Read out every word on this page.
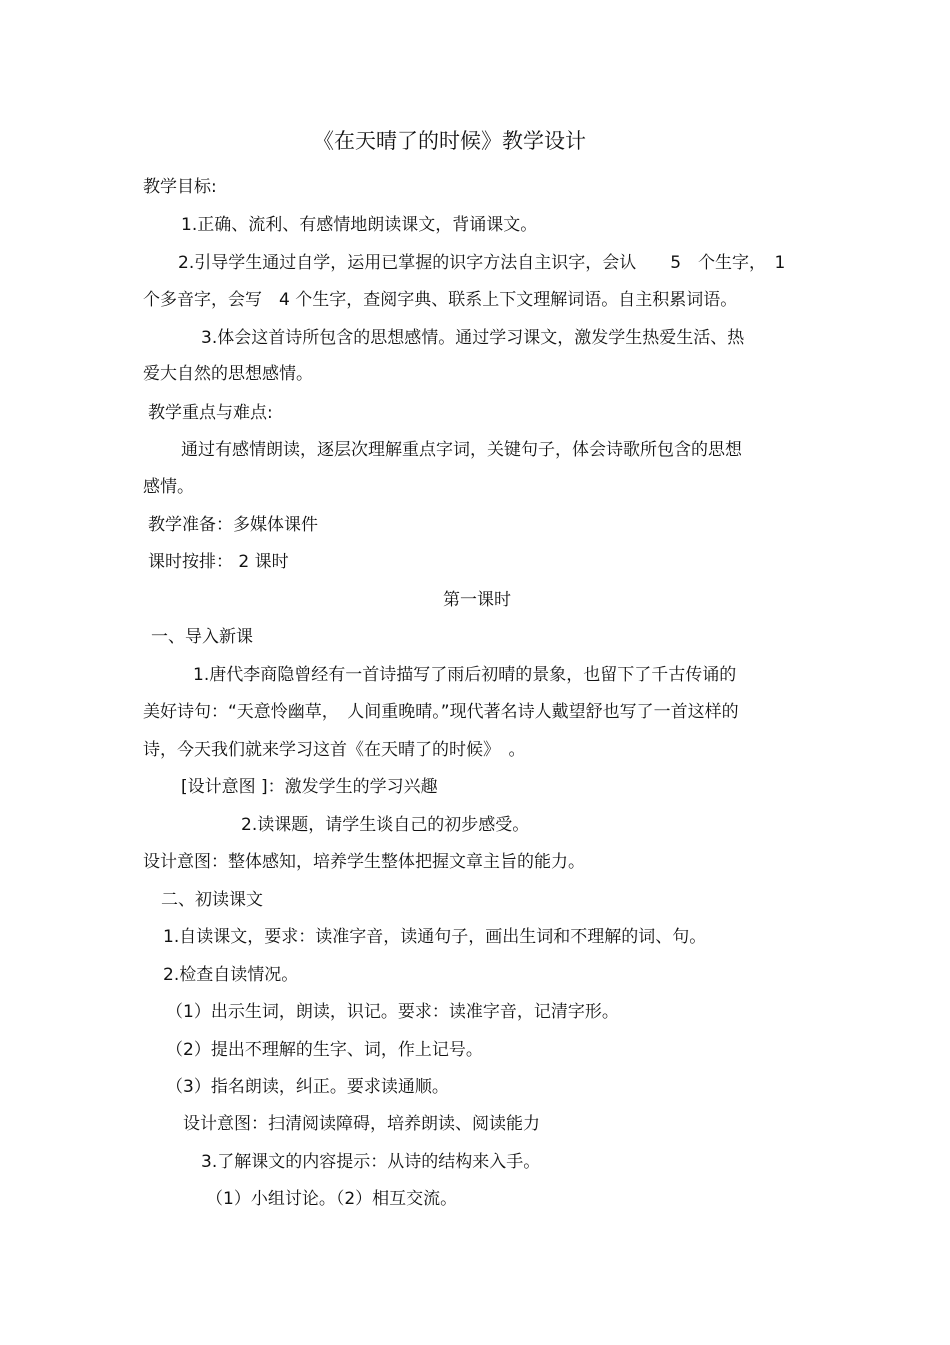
《在天晴了的时候》教学设计

教学目标:

1.正确、流利、有感情地朗读课文，背诵课文。

2.引导学生通过自学，运用已掌握的识字方法自主识字，会认　　5　个生字，　1

个多音字，会写　4 个生字，查阅字典、联系上下文理解词语。自主积累词语。

3.体会这首诗所包含的思想感情。通过学习课文，激发学生热爱生活、热

爱大自然的思想感情。

教学重点与难点:

通过有感情朗读，逐层次理解重点字词，关键句子，体会诗歌所包含的思想

感情。

教学准备：多媒体课件

课时按排： 2 课时

第一课时

一、导入新课

1.唐代李商隐曾经有一首诗描写了雨后初晴的景象，也留下了千古传诵的

美好诗句：“天意怜幽草，　人间重晚晴。”现代著名诗人戴望舒也写了一首这样的

诗，今天我们就来学习这首《在天晴了的时候》　。

[设计意图 ]：激发学生的学习兴趣

2.读课题，请学生谈自己的初步感受。

设计意图：整体感知，培养学生整体把握文章主旨的能力。

二、初读课文

1.自读课文，要求：读准字音，读通句子，画出生词和不理解的词、句。

2.检查自读情况。

（1）出示生词，朗读，识记。要求：读准字音，记清字形。

（2）提出不理解的生字、词，作上记号。

（3）指名朗读，纠正。要求读通顺。

设计意图：扫清阅读障碍，培养朗读、阅读能力

3.了解课文的内容提示：从诗的结构来入手。

（1）小组讨论。（2）相互交流。
